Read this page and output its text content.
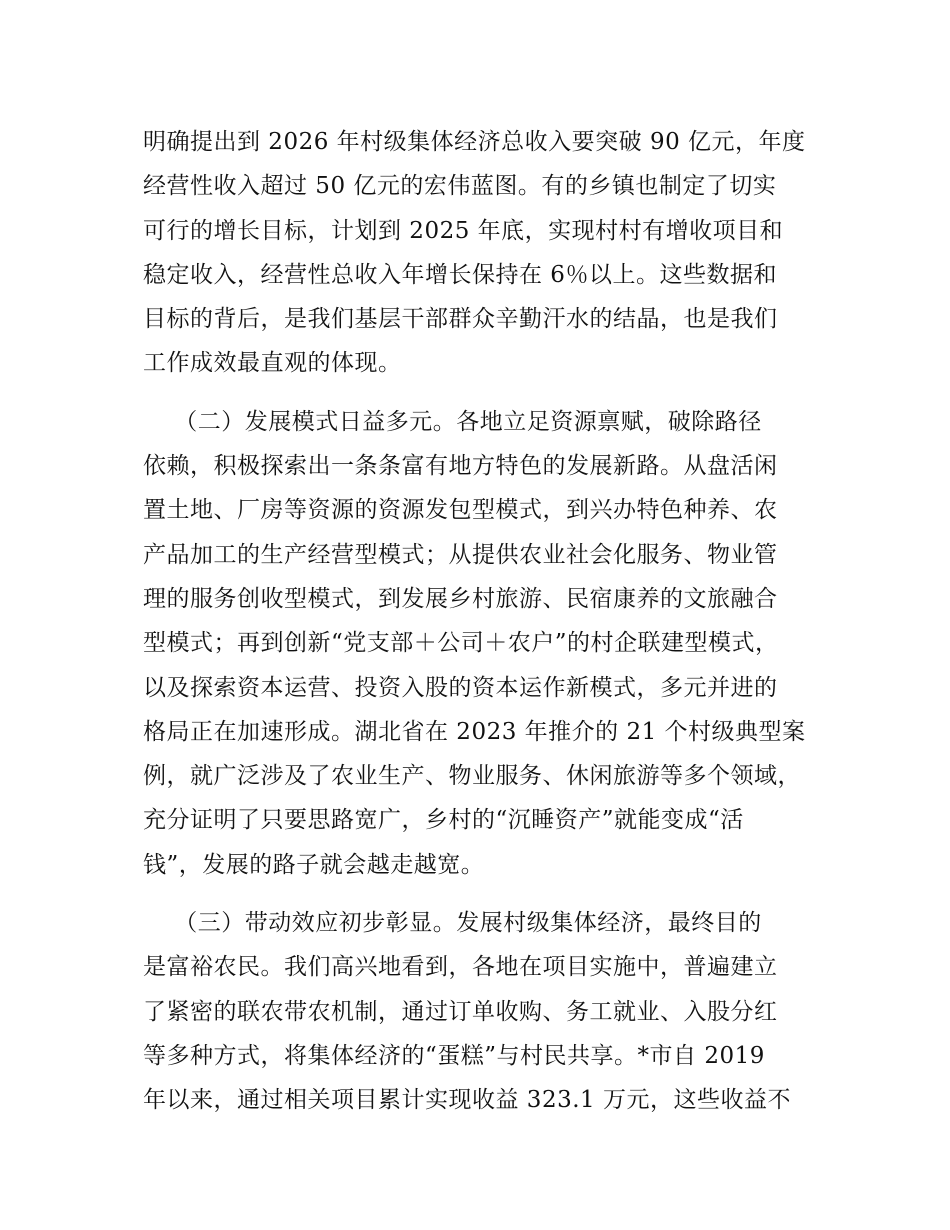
明确提出到 2026 年村级集体经济总收入要突破 90 亿元，年度
经营性收入超过 50 亿元的宏伟蓝图。有的乡镇也制定了切实
可行的增长目标，计划到 2025 年底，实现村村有增收项目和
稳定收入，经营性总收入年增长保持在 6％以上。这些数据和
目标的背后，是我们基层干部群众辛勤汗水的结晶，也是我们
工作成效最直观的体现。
（二）发展模式日益多元。各地立足资源禀赋，破除路径
依赖，积极探索出一条条富有地方特色的发展新路。从盘活闲
置土地、厂房等资源的资源发包型模式，到兴办特色种养、农
产品加工的生产经营型模式；从提供农业社会化服务、物业管
理的服务创收型模式，到发展乡村旅游、民宿康养的文旅融合
型模式；再到创新“党支部＋公司＋农户”的村企联建型模式，
以及探索资本运营、投资入股的资本运作新模式，多元并进的
格局正在加速形成。湖北省在 2023 年推介的 21 个村级典型案
例，就广泛涉及了农业生产、物业服务、休闲旅游等多个领域，
充分证明了只要思路宽广，乡村的“沉睡资产”就能变成“活
钱”，发展的路子就会越走越宽。
（三）带动效应初步彰显。发展村级集体经济，最终目的
是富裕农民。我们高兴地看到，各地在项目实施中，普遍建立
了紧密的联农带农机制，通过订单收购、务工就业、入股分红
等多种方式，将集体经济的“蛋糕”与村民共享。*市自 2019
年以来，通过相关项目累计实现收益 323.1 万元，这些收益不
